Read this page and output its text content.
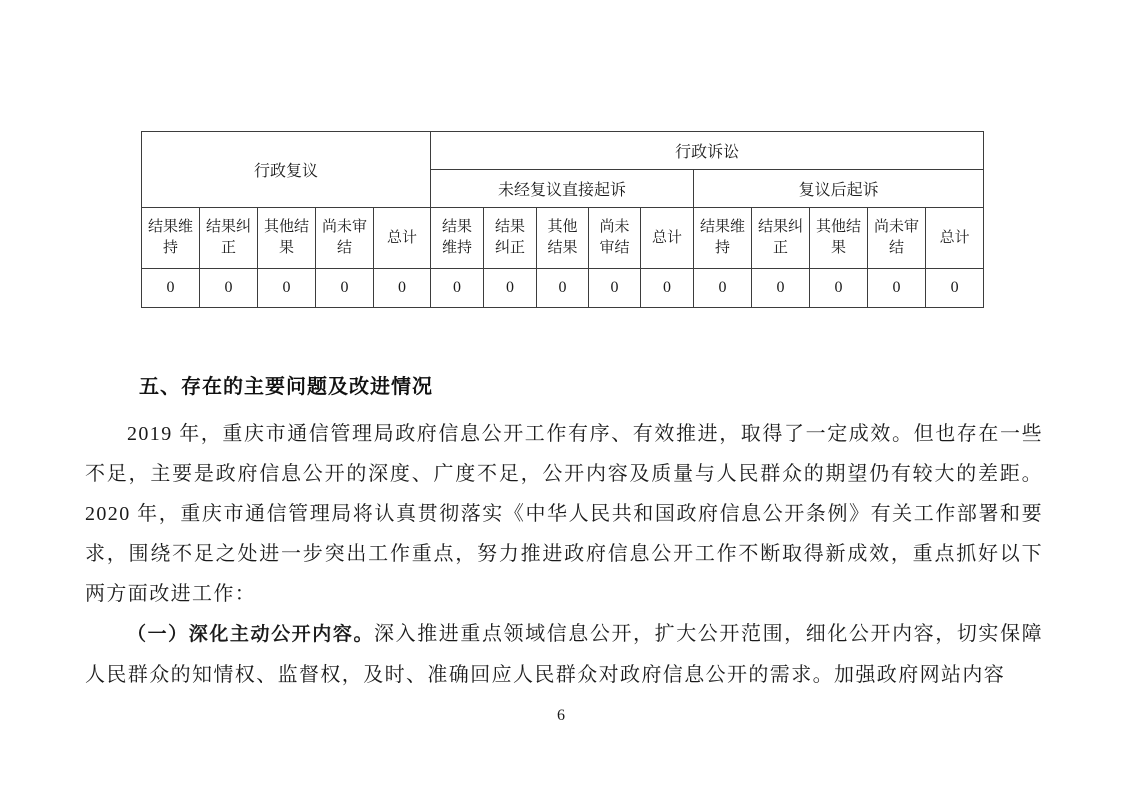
行政复议					行政诉讼									
					未经复议直接起诉					复议后起诉				
结果维持	结果纠正	其他结果	尚未审结	总计	结果维持	结果纠正	其他结果	尚未审结	总计	结果维持	结果纠正	其他结果	尚未审结	总计
0	0	0	0	0	0	0	0	0	0	0	0	0	0	0
五、存在的主要问题及改进情况

2019 年，重庆市通信管理局政府信息公开工作有序、有效推进，取得了一定成效。但也存在一些不足，主要是政府信息公开的深度、广度不足，公开内容及质量与人民群众的期望仍有较大的差距。2020 年，重庆市通信管理局将认真贯彻落实《中华人民共和国政府信息公开条例》有关工作部署和要求，围绕不足之处进一步突出工作重点，努力推进政府信息公开工作不断取得新成效，重点抓好以下两方面改进工作：

（一）深化主动公开内容。深入推进重点领域信息公开，扩大公开范围，细化公开内容，切实保障人民群众的知情权、监督权，及时、准确回应人民群众对政府信息公开的需求。加强政府网站内容

6
